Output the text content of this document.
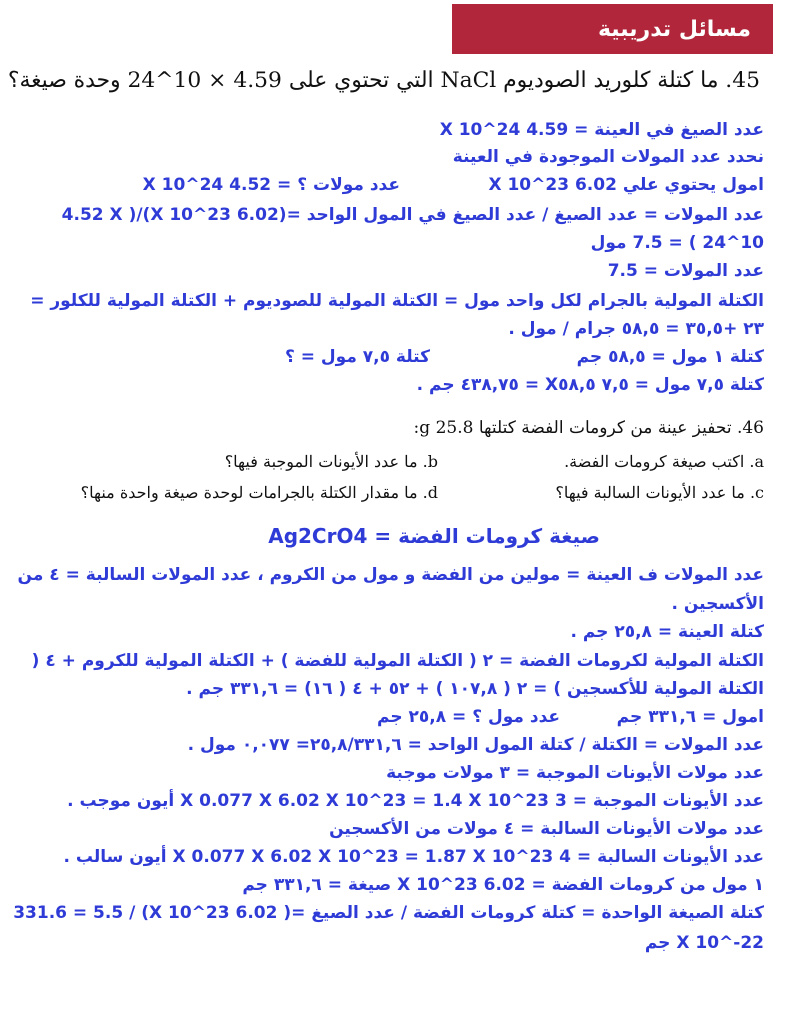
مسائل تدريبية
45. ما كتلة كلوريد الصوديوم NaCl التي تحتوي على 4.59 × 10^24 وحدة صيغة؟
عدد الصيغ في العينة = 4.59 X 10^24
نحدد عدد المولات الموجودة في العينة
امول يحتوي علي 6.02 X 10^23
عدد مولات ؟ = 4.52 X 10^24
عدد المولات = عدد الصيغ / عدد الصيغ في المول الواحد =(6.02 X 10^23)/( 4.52 X
10^24 ) = 7.5 مول
عدد المولات = 7.5
الكتلة المولية بالجرام لكل واحد مول = الكتلة المولية للصوديوم + الكتلة المولية للكلور =
٢٣ +٣٥,٥ = ٥٨,٥ جرام / مول .
كتلة ١ مول = ٥٨,٥ جم
كتلة ٧,٥ مول = ؟
كتلة ٧,٥ مول = ٧,٥ X٥٨,٥ = ٤٣٨,٧٥ جم .
46. تحفيز عينة من كرومات الفضة كتلتها 25.8 g:
a. اكتب صيغة كرومات الفضة.
b. ما عدد الأيونات الموجبة فيها؟
c. ما عدد الأيونات السالبة فيها؟
d. ما مقدار الكتلة بالجرامات لوحدة صيغة واحدة منها؟
صيغة كرومات الفضة = Ag2CrO4
عدد المولات ف العينة = مولين من الفضة و مول من الكروم ، عدد المولات السالبة = ٤ من
الأكسجين .
كتلة العينة = ٢٥,٨ جم .
الكتلة المولية لكرومات الفضة = ٢ ( الكتلة المولية للفضة ) + الكتلة المولية للكروم + ٤ (
الكتلة المولية للأكسجين ) = ٢ ( ١٠٧,٨ ) + ٥٢ + ٤ ( ١٦) = ٣٣١,٦ جم .
امول = ٣٣١,٦ جم
عدد مول ؟ = ٢٥,٨ جم
عدد المولات = الكتلة / كتلة المول الواحد = ٢٥,٨/٣٣١,٦= ٠,٠٧٧ مول .
عدد مولات الأيونات الموجبة = ٣ مولات موجبة
عدد الأيونات الموجبة = 3 X 0.077 X 6.02 X 10^23 = 1.4 X 10^23 أيون موجب .
عدد مولات الأيونات السالبة = ٤ مولات من الأكسجين
عدد الأيونات السالبة = 4 X 0.077 X 6.02 X 10^23 = 1.87 X 10^23 أيون سالب .
١ مول من كرومات الفضة = 6.02 X 10^23 صيغة = ٣٣١,٦ جم
كتلة الصيغة الواحدة = كتلة كرومات الفضة / عدد الصيغ =( 6.02 X 10^23) / 331.6 = 5.5
X 10^-22 جم
